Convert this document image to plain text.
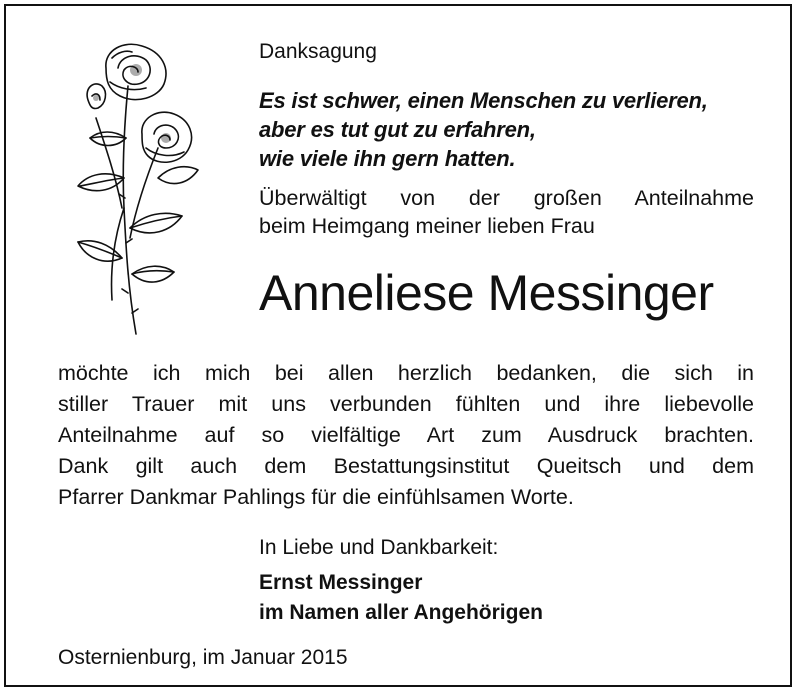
Danksagung
Es ist schwer, einen Menschen zu verlieren,
aber es tut gut zu erfahren,
wie viele ihn gern hatten.
Überwältigt von der großen Anteilnahme
beim Heimgang meiner lieben Frau
Anneliese Messinger
möchte ich mich bei allen herzlich bedanken, die sich in
stiller Trauer mit uns verbunden fühlten und ihre liebevolle
Anteilnahme auf so vielfältige Art zum Ausdruck brachten.
Dank gilt auch dem Bestattungsinstitut Queitsch und dem
Pfarrer Dankmar Pahlings für die einfühlsamen Worte.
In Liebe und Dankbarkeit:
Ernst Messinger
im Namen aller Angehörigen
Osternienburg, im Januar 2015
